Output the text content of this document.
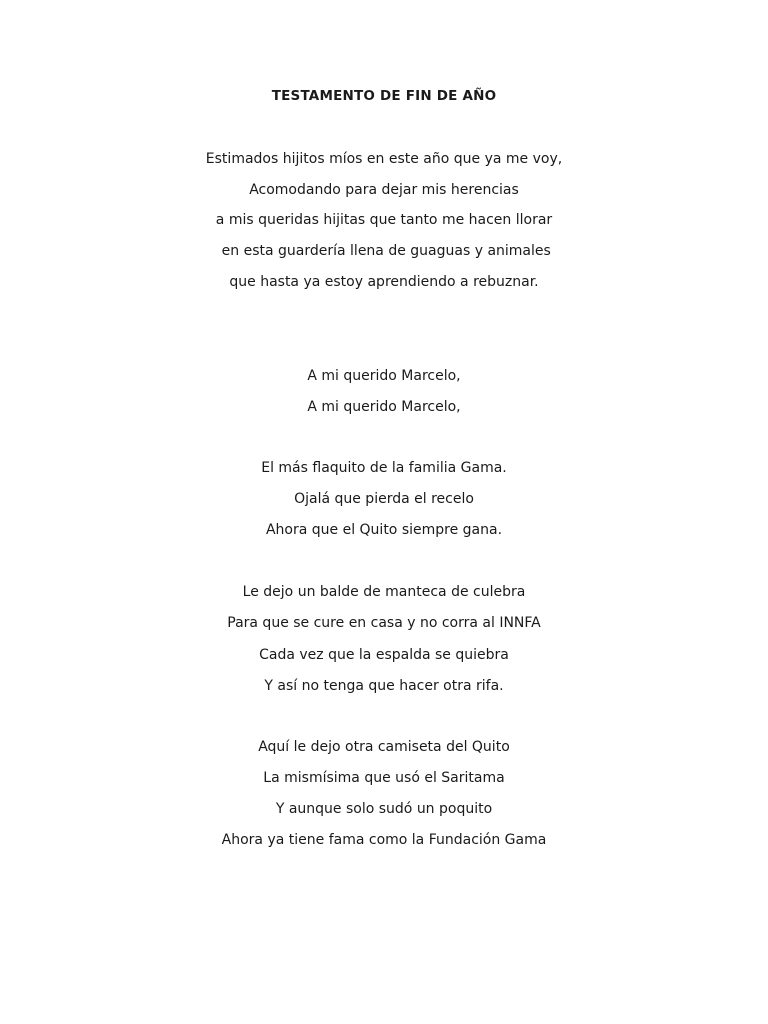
TESTAMENTO DE FIN DE AÑO
Estimados hijitos míos en este año que ya me voy,
Acomodando para dejar mis herencias
a mis queridas hijitas que tanto me hacen llorar
en esta guardería llena de guaguas y animales
que hasta ya estoy aprendiendo a rebuznar.
A mi querido Marcelo,
A mi querido Marcelo,
El más flaquito de la familia Gama.
Ojalá que pierda el recelo
Ahora que el Quito siempre gana.
Le dejo un balde de manteca de culebra
Para que se cure en casa y no corra al INNFA
Cada vez que la espalda se quiebra
Y así no tenga que hacer otra rifa.
Aquí le dejo otra camiseta del Quito
La mismísima que usó el Saritama
Y aunque solo sudó un poquito
Ahora ya tiene fama como la Fundación Gama
